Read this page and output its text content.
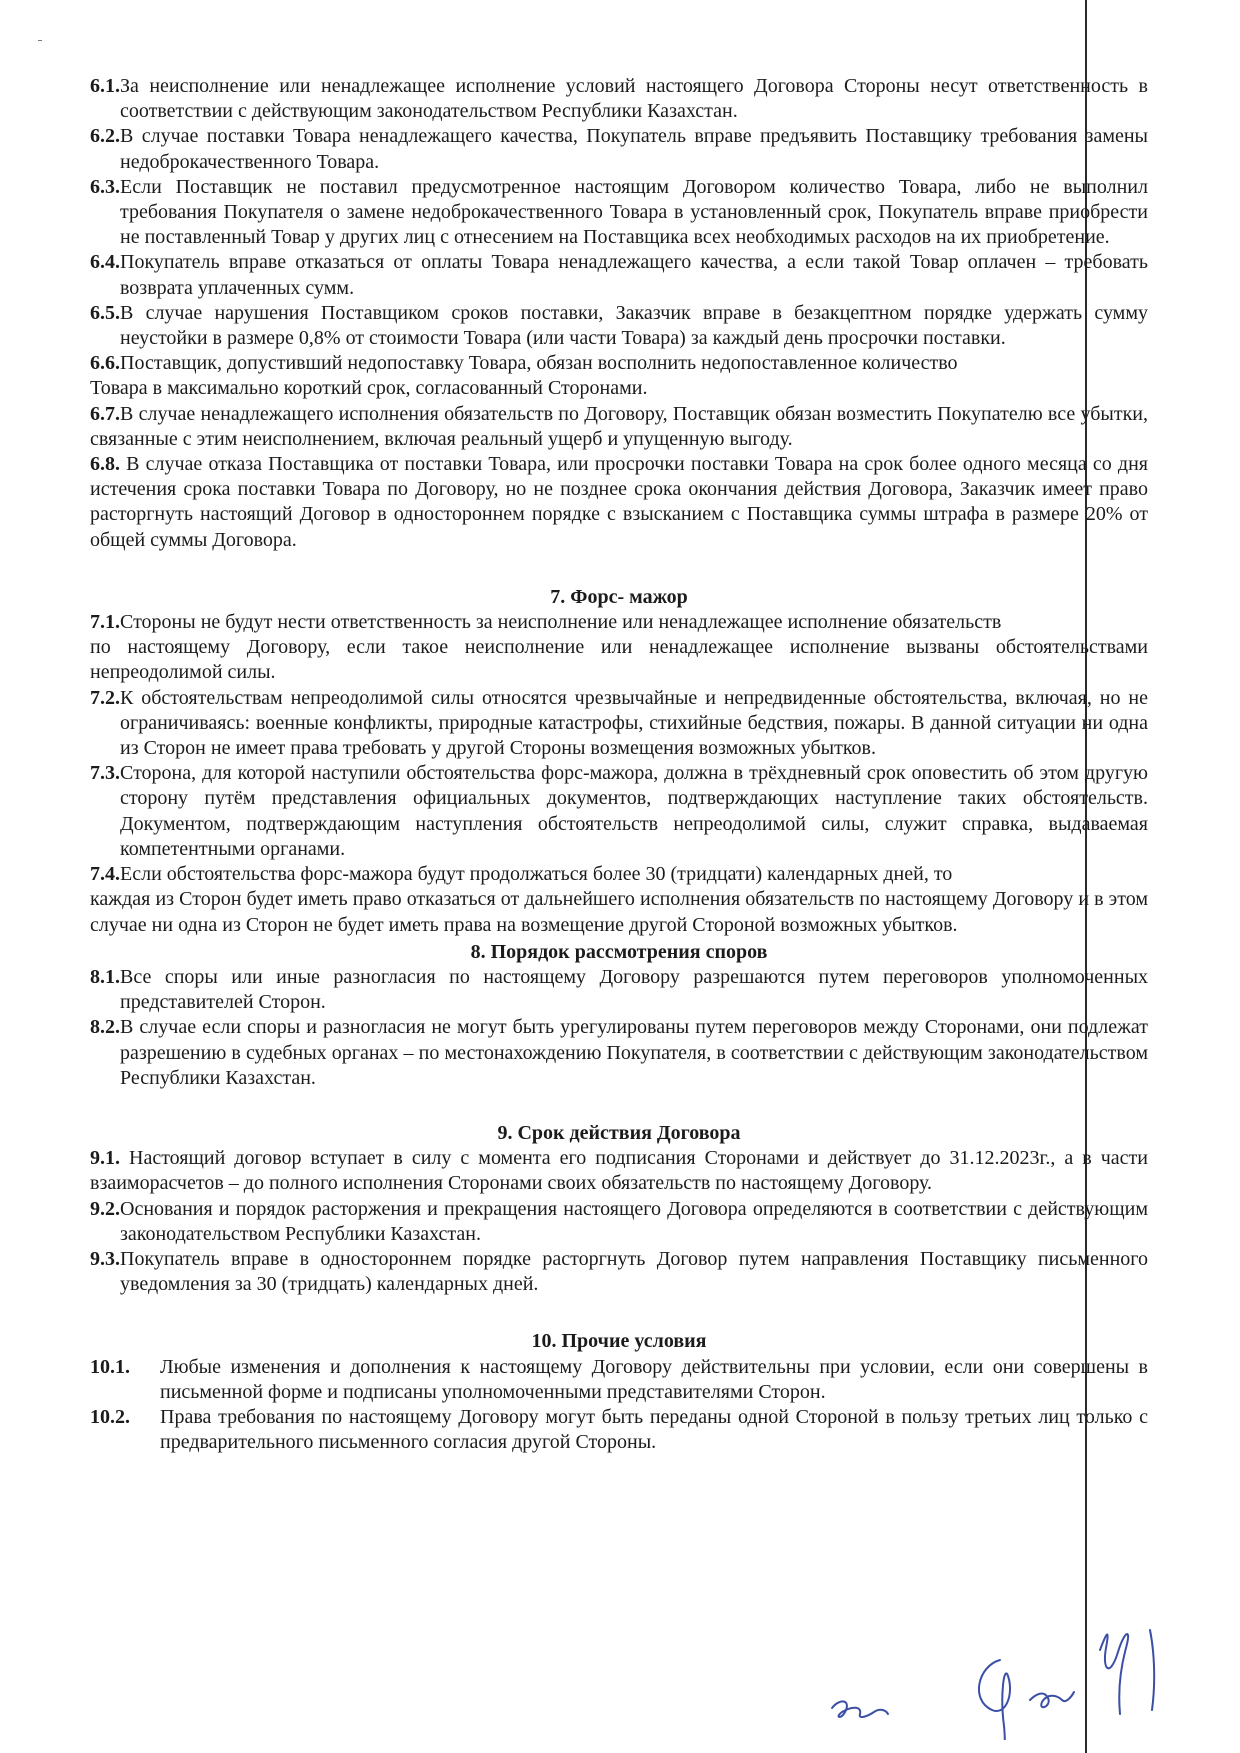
6.1. За неисполнение или ненадлежащее исполнение условий настоящего Договора Стороны несут ответственность в соответствии с действующим законодательством Республики Казахстан.
6.2. В случае поставки Товара ненадлежащего качества, Покупатель вправе предъявить Поставщику требования замены недоброкачественного Товара.
6.3. Если Поставщик не поставил предусмотренное настоящим Договором количество Товара, либо не выполнил требования Покупателя о замене недоброкачественного Товара в установленный срок, Покупатель вправе приобрести не поставленный Товар у других лиц с отнесением на Поставщика всех необходимых расходов на их приобретение.
6.4. Покупатель вправе отказаться от оплаты Товара ненадлежащего качества, а если такой Товар оплачен – требовать возврата уплаченных сумм.
6.5. В случае нарушения Поставщиком сроков поставки, Заказчик вправе в безакцептном порядке удержать сумму неустойки в размере 0,8% от стоимости Товара (или части Товара) за каждый день просрочки поставки.
6.6.Поставщик, допустивший недопоставку Товара, обязан восполнить недопоставленное количество
Товара в максимально короткий срок, согласованный Сторонами.
6.7.В случае ненадлежащего исполнения обязательств по Договору, Поставщик обязан возместить Покупателю все убытки, связанные с этим неисполнением, включая реальный ущерб и упущенную выгоду.
6.8. В случае отказа Поставщика от поставки Товара, или просрочки поставки Товара на срок более одного месяца со дня истечения срока поставки Товара по Договору, но не позднее срока окончания действия Договора, Заказчик имеет право расторгнуть настоящий Договор в одностороннем порядке с взысканием с Поставщика суммы штрафа в размере 20% от общей суммы Договора.
7. Форс- мажор
7.1. Стороны не будут нести ответственность за неисполнение или ненадлежащее исполнение обязательств
по настоящему Договору, если такое неисполнение или ненадлежащее исполнение вызваны обстоятельствами непреодолимой силы.
7.2. К обстоятельствам непреодолимой силы относятся чрезвычайные и непредвиденные обстоятельства, включая, но не ограничиваясь: военные конфликты, природные катастрофы, стихийные бедствия, пожары. В данной ситуации ни одна из Сторон не имеет права требовать у другой Стороны возмещения возможных убытков.
7.3. Сторона, для которой наступили обстоятельства форс-мажора, должна в трёхдневный срок оповестить об этом другую сторону путём представления официальных документов, подтверждающих наступление таких обстоятельств. Документом, подтверждающим наступления обстоятельств непреодолимой силы, служит справка, выдаваемая компетентными органами.
7.4.Если обстоятельства форс-мажора будут продолжаться более 30 (тридцати) календарных дней, то
каждая из Сторон будет иметь право отказаться от дальнейшего исполнения обязательств по настоящему Договору и в этом случае ни одна из Сторон не будет иметь права на возмещение другой Стороной возможных убытков.
8. Порядок рассмотрения споров
8.1. Все споры или иные разногласия по настоящему Договору разрешаются путем переговоров уполномоченных представителей Сторон.
8.2. В случае если споры и разногласия не могут быть урегулированы путем переговоров между Сторонами, они подлежат разрешению в судебных органах – по местонахождению Покупателя, в соответствии с действующим законодательством Республики Казахстан.
9. Срок действия Договора
9.1. Настоящий договор вступает в силу с момента его подписания Сторонами и действует до 31.12.2023г., а в части взаиморасчетов – до полного исполнения Сторонами своих обязательств по настоящему Договору.
9.2. Основания и порядок расторжения и прекращения настоящего Договора определяются в соответствии с действующим законодательством Республики Казахстан.
9.3. Покупатель вправе в одностороннем порядке расторгнуть Договор путем направления Поставщику письменного уведомления за 30 (тридцать) календарных дней.
10. Прочие условия
10.1.	Любые изменения и дополнения к настоящему Договору действительны при условии, если они совершены в письменной форме и подписаны уполномоченными представителями Сторон.
10.2.	Права требования по настоящему Договору могут быть переданы одной Стороной в пользу третьих лиц только с предварительного письменного согласия другой Стороны.
